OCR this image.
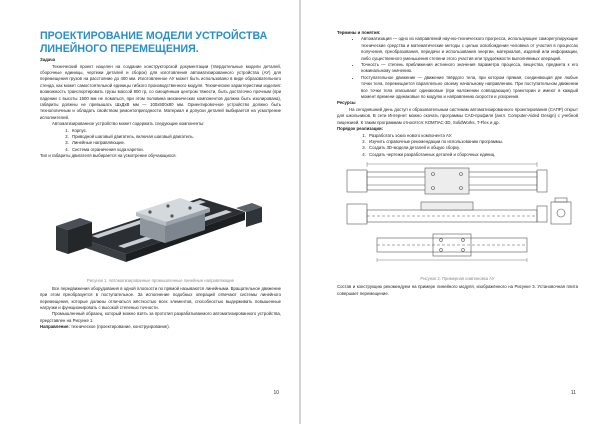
ПРОЕКТИРОВАНИЕ МОДЕЛИ УСТРОЙСТВА
ЛИНЕЙНОГО ПЕРЕМЕЩЕНИЯ.

Задача

Технический проект нацелен на создание конструкторской документации (твердотельные модели деталей, сборочные единицы, чертежи деталей и сборок) для изготовления автоматизированного устройства (АУ) для перемещения грузов на расстояние до 400 мм. Изготовленное АУ может быть использовано в виде образовательного стенда, как может самостоятельной единицы гибкого производственного модуля. Технические характеристики изделия: возможность транспортировать грузы массой 800 гр, со смещённым центром тяжести, быть достаточно прочным (при падении с высоты 1500 мм не ломаться, при этом половина механических компонентов должна быть изолирована), габариты должны не превышать ШхДхВ мм — 100х500х80 мм. Ориентировочное устройство должно быть технологичным и обладать свойством ремонтопригодности. Материал и допуски деталей выбирается на усмотрение исполнителей.

Автоматизированное устройство может содержать следующие компоненты:

1. Корпус.
2. Приводной шаговый двигатель, включая шаговый двигатель.
3. Линейные направляющие.
4. Система ограничения хода каретки.

Тип и габариты двигателя выбирается на усмотрение обучающихся.

Рисунок 1. Автоматизированные промышленные линейные направляющие

Все передвижения оборудования в одной плоскости по прямой называются линейными. Вращательное движение при этом преобразуется в поступательное. За исполнение подобных операций отвечают системы линейного перемещения, которые должны отличаться жёсткостью всех элементов, способностью выдерживать повышенные нагрузки и функционировать с высокой степенью точности.

Промышленный образец, который можно взять за прототип разрабатываемого автоматизированного устройства, представлен на Рисунке 1.

Направление: техническое (проектирование, конструирование).

10

Термины и понятия:

• Автоматизация — одно из направлений научно-технического прогресса, использующее саморегулирующие технические средства и математические методы с целью освобождения человека от участия в процессах получения, преобразования, передачи и использования энергии, материалов, изделий или информации, либо существенного уменьшения степени этого участия или трудоёмкости выполняемых операций.
• Точность — степень приближения истинного значения параметра процесса, вещества, предмета к его номинальному значению.
• Поступательное движение — движение твёрдого тела, при котором прямая, соединяющая две любые точки тела, перемещается параллельно своему начальному направлению. При поступательном движении все точки тела описывают одинаковые (при наложении совпадающие) траектории и имеют в каждый момент времени одинаковые по модулю и направлению скорости и ускорения.

Ресурсы

На сегодняшний день доступ к образовательным системам автоматизированного проектирования (САПР) открыт для школьников. В сети Интернет можно скачать программы CAD-профиля (англ. Computer-Aided Design) с учебной лицензией. К таким программам относятся: КОМПАС-3D, SolidWorks, T-Flex и др.

Порядок реализации:

1. Разработать эскиз нового компонента АУ.
2. Изучить справочные рекомендации по использованию программы.
3. Создать 3D-модели деталей и общую сборку.
4. Создать чертежи разработанных деталей и сборочных единиц.
Рисунок 2. Примерная компоновка АУ

Состав и конструкцию рекомендуем на примере линейного модуля, изображённого на Рисунке 3. Установочная плита совершает перемещение.

11
